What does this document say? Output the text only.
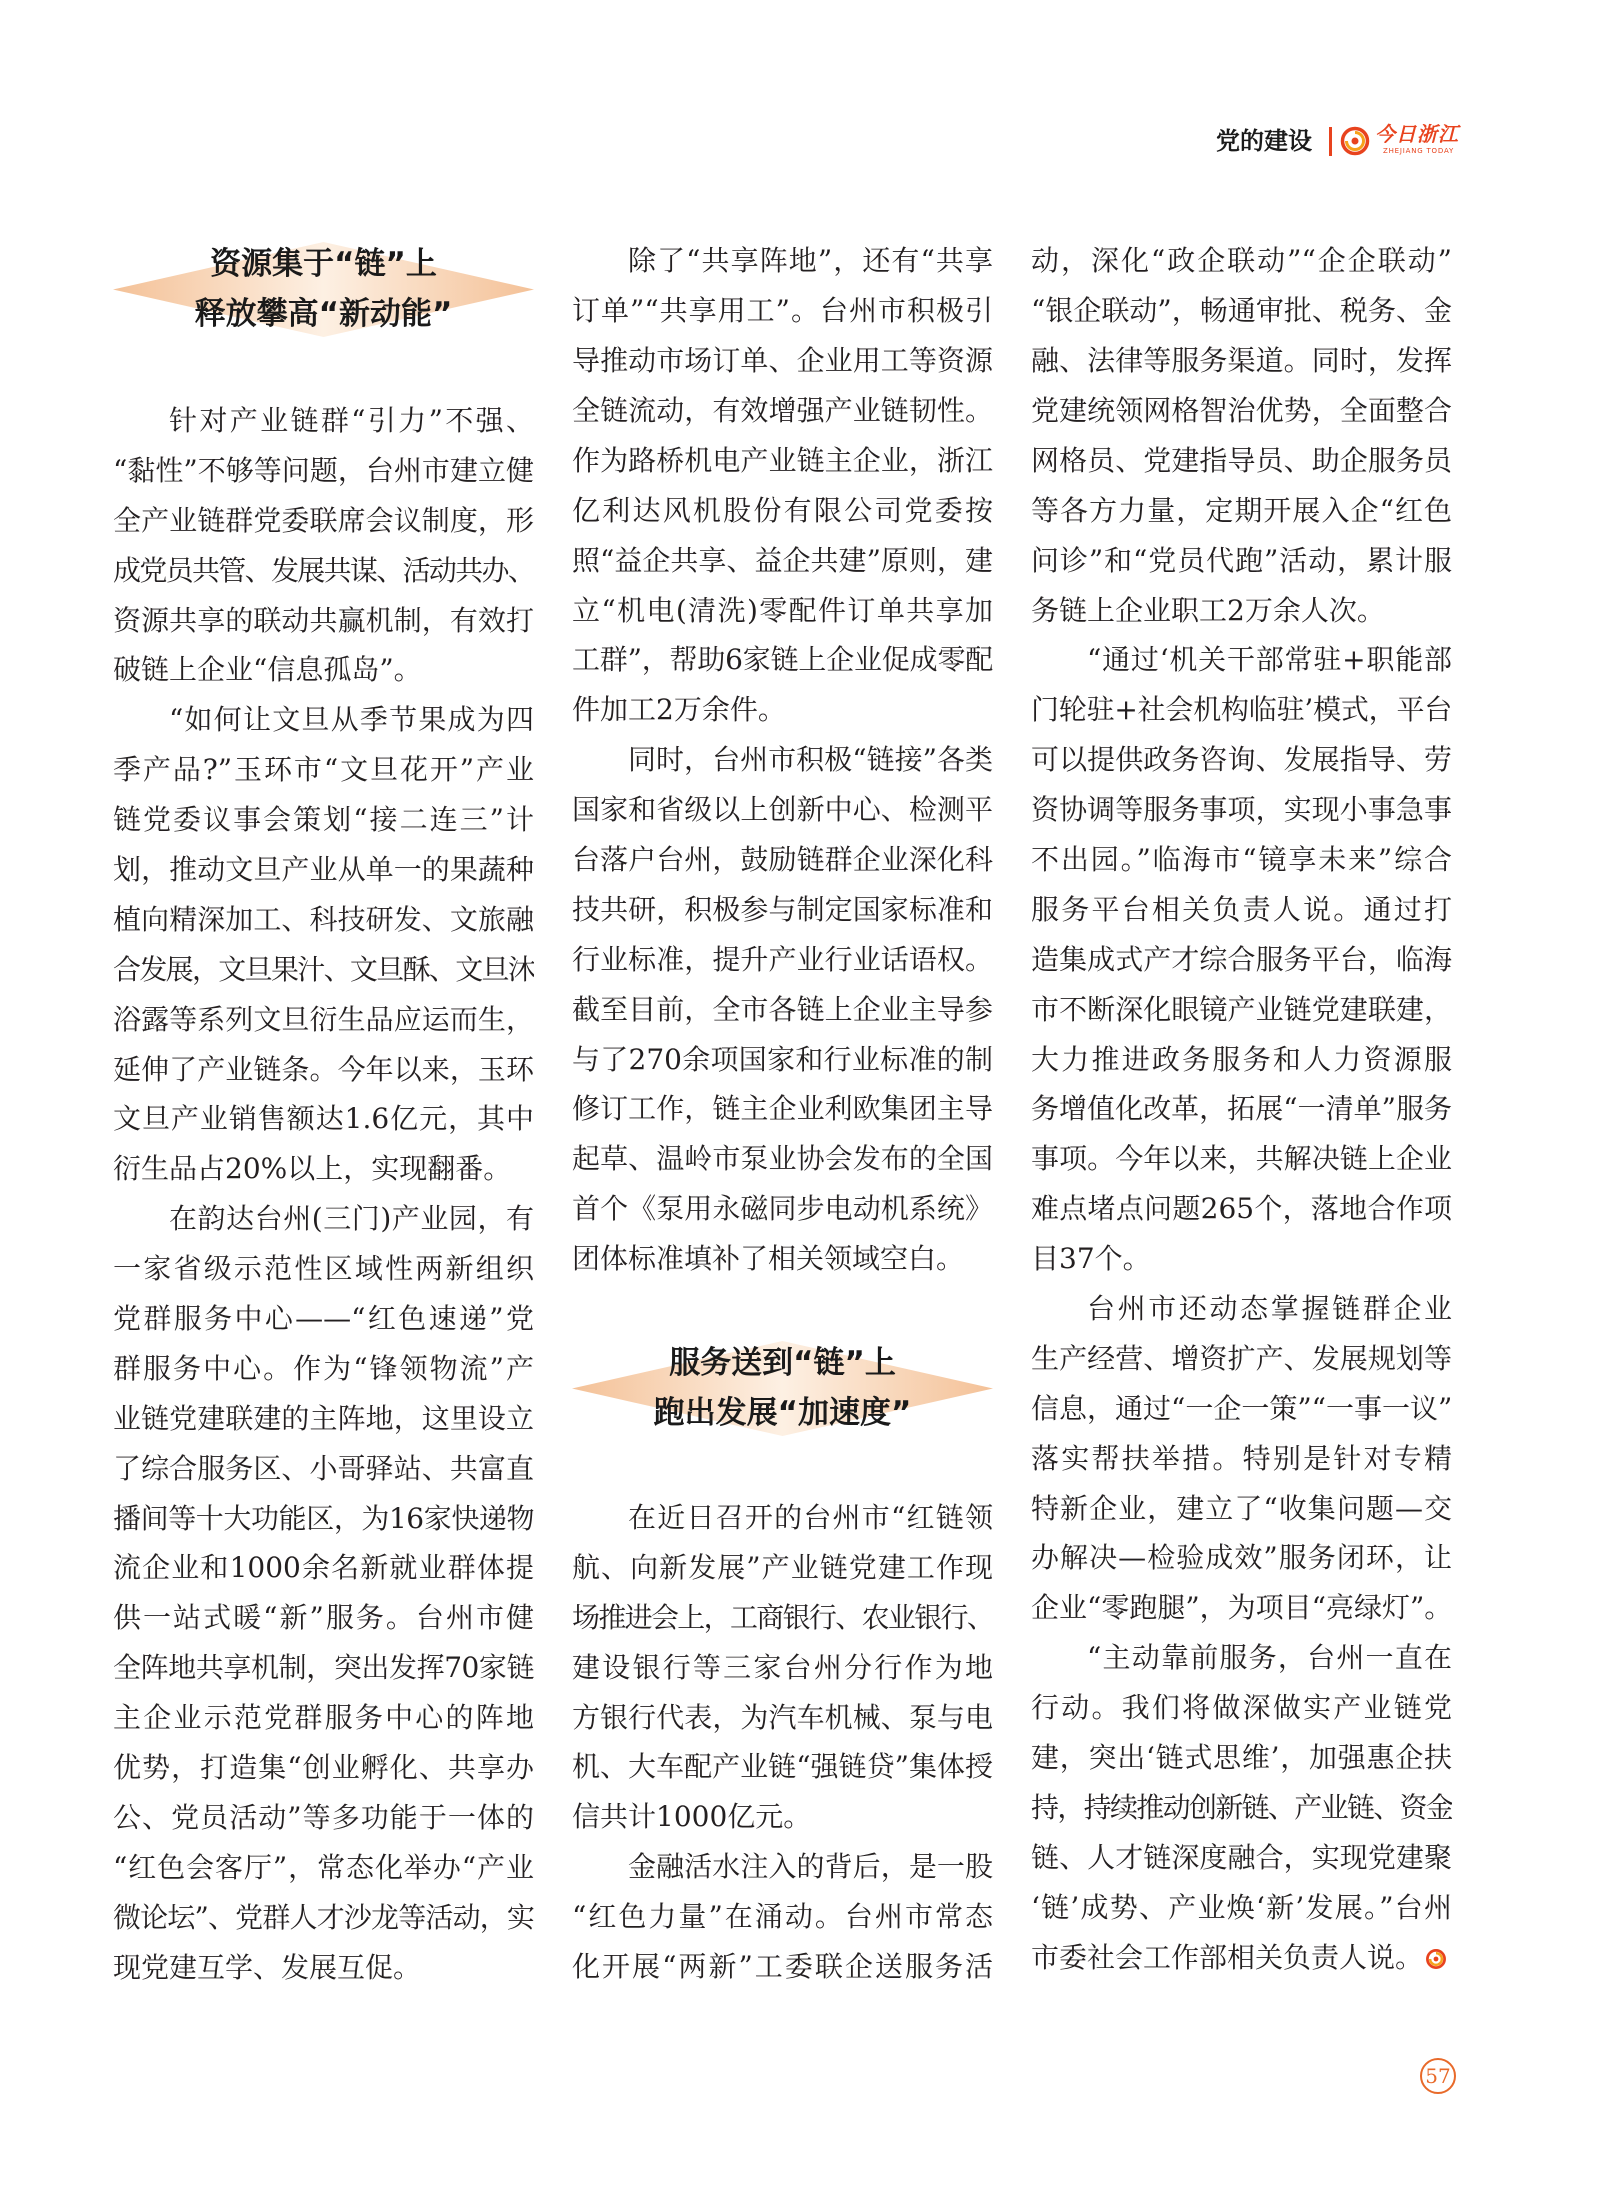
党的建设	今日浙江
ZHEJIANG TODAY
资源集于“链”上
释放攀高“新动能”
针对产业链群“引力”不强、
“黏性”不够等问题，台州市建立健
全产业链群党委联席会议制度，形
成党员共管、发展共谋、活动共办、
资源共享的联动共赢机制，有效打
破链上企业“信息孤岛”。
“如何让文旦从季节果成为四
季产品?”玉环市“文旦花开”产业
链党委议事会策划“接二连三”计
划，推动文旦产业从单一的果蔬种
植向精深加工、科技研发、文旅融
合发展，文旦果汁、文旦酥、文旦沐
浴露等系列文旦衍生品应运而生，
延伸了产业链条。今年以来，玉环
文旦产业销售额达1.6亿元，其中
衍生品占20%以上，实现翻番。
在韵达台州(三门)产业园，有
一家省级示范性区域性两新组织
党群服务中心——“红色速递”党
群服务中心。作为“锋领物流”产
业链党建联建的主阵地，这里设立
了综合服务区、小哥驿站、共富直
播间等十大功能区，为16家快递物
流企业和1000余名新就业群体提
供一站式暖“新”服务。台州市健
全阵地共享机制，突出发挥70家链
主企业示范党群服务中心的阵地
优势，打造集“创业孵化、共享办
公、党员活动”等多功能于一体的
“红色会客厅”，常态化举办“产业
微论坛”、党群人才沙龙等活动，实
现党建互学、发展互促。
除了“共享阵地”，还有“共享
订单”“共享用工”。台州市积极引
导推动市场订单、企业用工等资源
全链流动，有效增强产业链韧性。
作为路桥机电产业链主企业，浙江
亿利达风机股份有限公司党委按
照“益企共享、益企共建”原则，建
立“机电(清洗)零配件订单共享加
工群”，帮助6家链上企业促成零配
件加工2万余件。
同时，台州市积极“链接”各类
国家和省级以上创新中心、检测平
台落户台州，鼓励链群企业深化科
技共研，积极参与制定国家标准和
行业标准，提升产业行业话语权。
截至目前，全市各链上企业主导参
与了270余项国家和行业标准的制
修订工作，链主企业利欧集团主导
起草、温岭市泵业协会发布的全国
首个《泵用永磁同步电动机系统》
团体标准填补了相关领域空白。
服务送到“链”上
跑出发展“加速度”
在近日召开的台州市“红链领
航、向新发展”产业链党建工作现
场推进会上，工商银行、农业银行、
建设银行等三家台州分行作为地
方银行代表，为汽车机械、泵与电
机、大车配产业链“强链贷”集体授
信共计1000亿元。
金融活水注入的背后，是一股
“红色力量”在涌动。台州市常态
化开展“两新”工委联企送服务活
动，深化“政企联动”“企企联动”
“银企联动”，畅通审批、税务、金
融、法律等服务渠道。同时，发挥
党建统领网格智治优势，全面整合
网格员、党建指导员、助企服务员
等各方力量，定期开展入企“红色
问诊”和“党员代跑”活动，累计服
务链上企业职工2万余人次。
“通过‘机关干部常驻+职能部
门轮驻+社会机构临驻’模式，平台
可以提供政务咨询、发展指导、劳
资协调等服务事项，实现小事急事
不出园。”临海市“镜享未来”综合
服务平台相关负责人说。通过打
造集成式产才综合服务平台，临海
市不断深化眼镜产业链党建联建，
大力推进政务服务和人力资源服
务增值化改革，拓展“一清单”服务
事项。今年以来，共解决链上企业
难点堵点问题265个，落地合作项
目37个。
台州市还动态掌握链群企业
生产经营、增资扩产、发展规划等
信息，通过“一企一策”“一事一议”
落实帮扶举措。特别是针对专精
特新企业，建立了“收集问题—交
办解决—检验成效”服务闭环，让
企业“零跑腿”，为项目“亮绿灯”。
“主动靠前服务，台州一直在
行动。我们将做深做实产业链党
建，突出‘链式思维’，加强惠企扶
持，持续推动创新链、产业链、资金
链、人才链深度融合，实现党建聚
‘链’成势、产业焕‘新’发展。”台州
市委社会工作部相关负责人说。
57
